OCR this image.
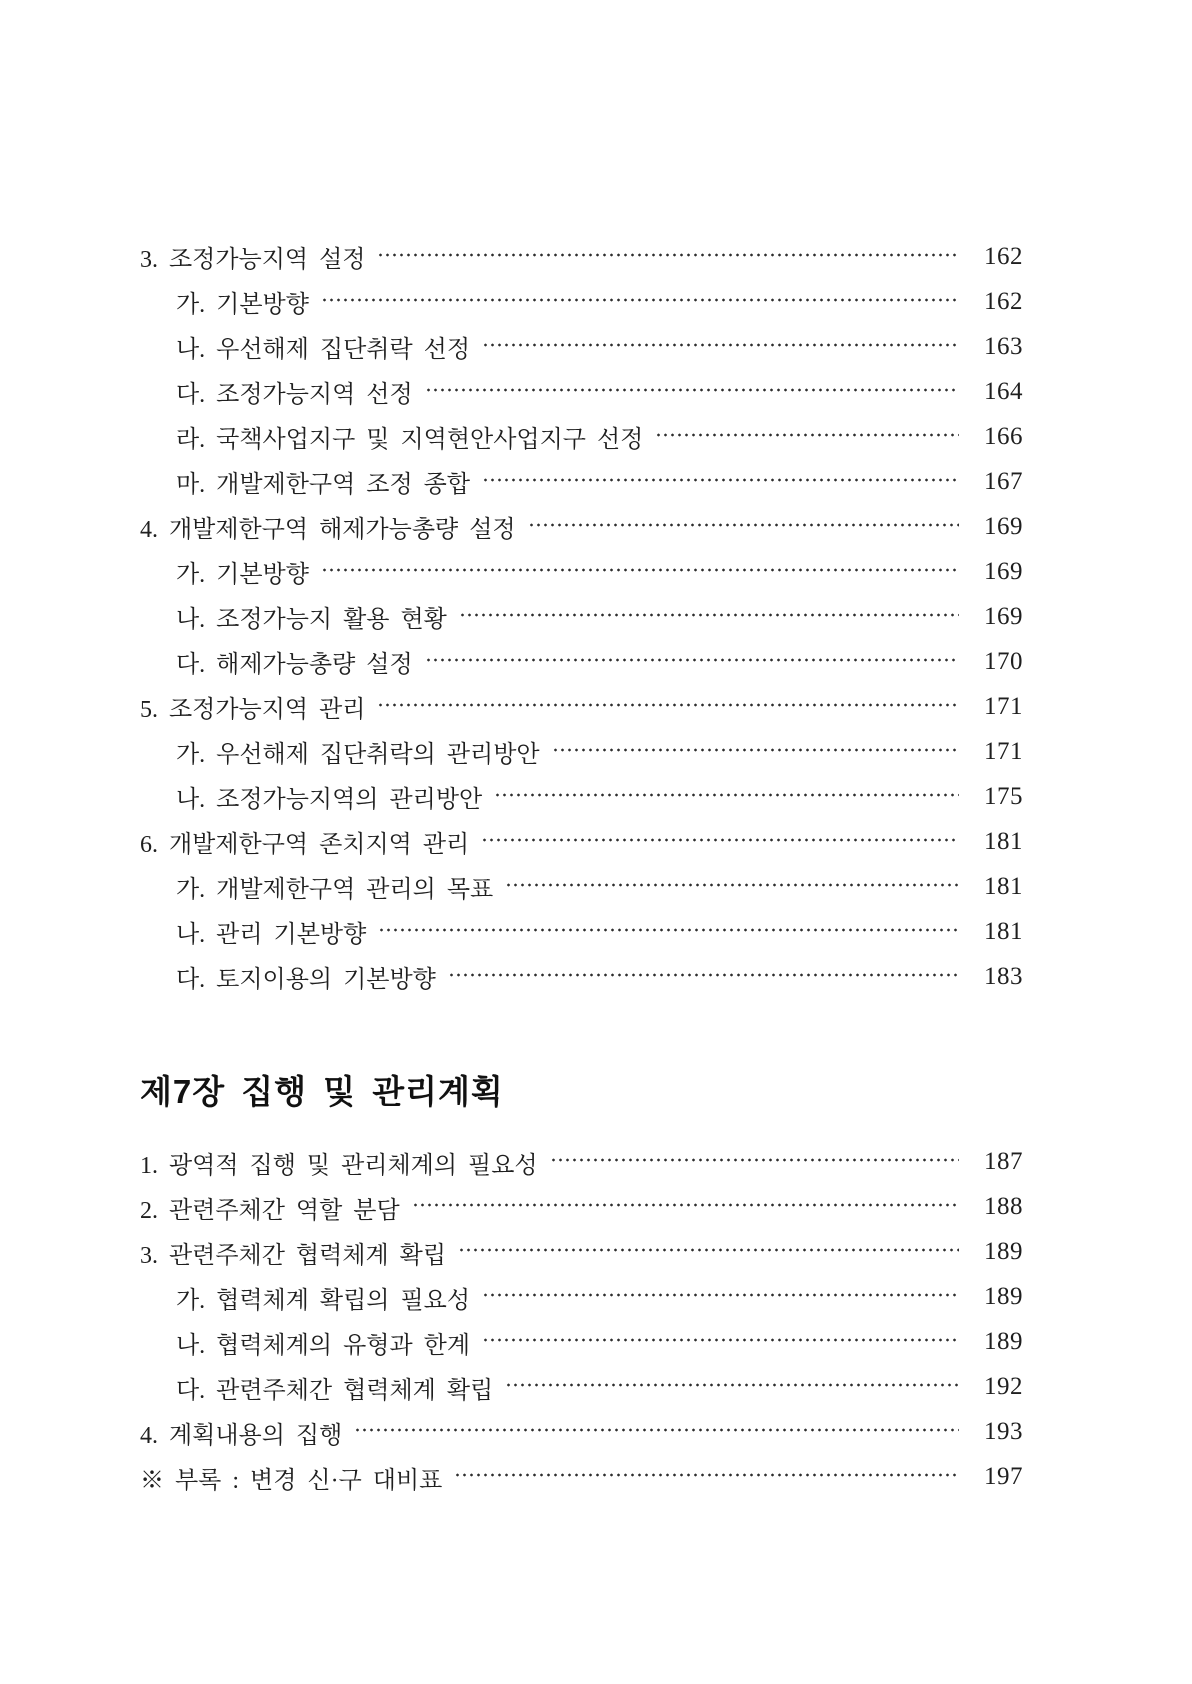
3. 조정가능지역 설정	162
가. 기본방향	162
나. 우선해제 집단취락 선정	163
다. 조정가능지역 선정	164
라. 국책사업지구 및 지역현안사업지구 선정	166
마. 개발제한구역 조정 종합	167
4. 개발제한구역 해제가능총량 설정	169
가. 기본방향	169
나. 조정가능지 활용 현황	169
다. 해제가능총량 설정	170
5. 조정가능지역 관리	171
가. 우선해제 집단취락의 관리방안	171
나. 조정가능지역의 관리방안	175
6. 개발제한구역 존치지역 관리	181
가. 개발제한구역 관리의 목표	181
나. 관리 기본방향	181
다. 토지이용의 기본방향	183
제7장 집행 및 관리계획
1. 광역적 집행 및 관리체계의 필요성	187
2. 관련주체간 역할 분담	188
3. 관련주체간 협력체계 확립	189
가. 협력체계 확립의 필요성	189
나. 협력체계의 유형과 한계	189
다. 관련주체간 협력체계 확립	192
4. 계획내용의 집행	193
※ 부록 : 변경 신·구 대비표	197
